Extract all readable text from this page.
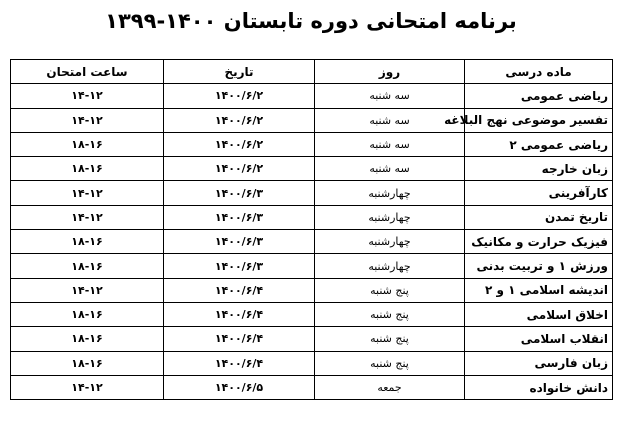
برنامه امتحانی دوره تابستان ۱۴۰۰-۱۳۹۹
ماده درسی	روز	تاریخ	ساعت امتحان
ریاضی عمومی	سه شنبه	۱۴۰۰/۶/۲	۱۴-۱۲
تفسیر موضوعی نهج البلاغه	سه شنبه	۱۴۰۰/۶/۲	۱۴-۱۲
ریاضی عمومی ۲	سه شنبه	۱۴۰۰/۶/۲	۱۸-۱۶
زبان خارجه	سه شنبه	۱۴۰۰/۶/۲	۱۸-۱۶
کارآفرینی	چهارشنبه	۱۴۰۰/۶/۳	۱۴-۱۲
تاریخ تمدن	چهارشنبه	۱۴۰۰/۶/۳	۱۴-۱۲
فیزیک حرارت و مکانیک	چهارشنبه	۱۴۰۰/۶/۳	۱۸-۱۶
ورزش ۱ و تربیت بدنی	چهارشنبه	۱۴۰۰/۶/۳	۱۸-۱۶
اندیشه اسلامی ۱ و ۲	پنج شنبه	۱۴۰۰/۶/۴	۱۴-۱۲
اخلاق اسلامی	پنج شنبه	۱۴۰۰/۶/۴	۱۸-۱۶
انقلاب اسلامی	پنج شنبه	۱۴۰۰/۶/۴	۱۸-۱۶
زبان فارسی	پنج شنبه	۱۴۰۰/۶/۴	۱۸-۱۶
دانش خانواده	جمعه	۱۴۰۰/۶/۵	۱۴-۱۲
